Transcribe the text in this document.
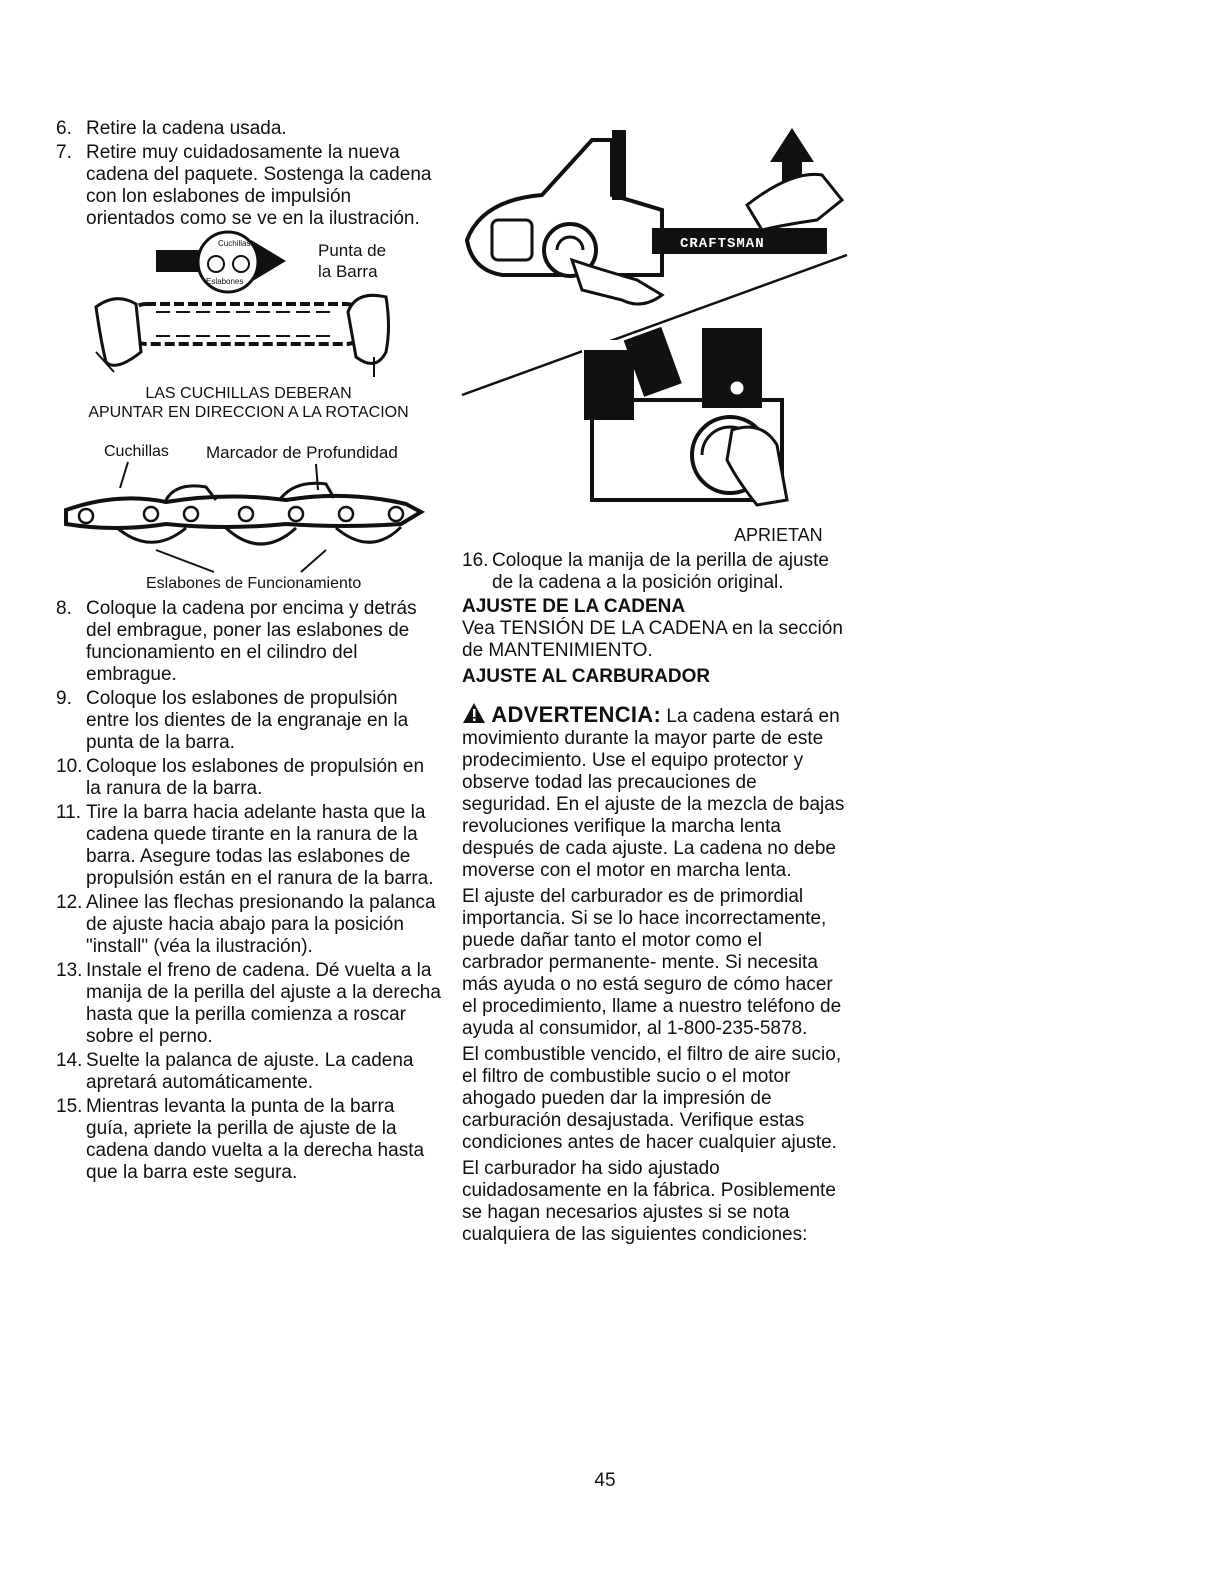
6. Retire la cadena usada.
7. Retire muy cuidadosamente la nueva cadena del paquete. Sostenga la cadena con lon eslabones de impulsión orientados como se ve en la ilustración.
Cuchillas
Eslabones
Punta de
la Barra
LAS CUCHILLAS DEBERAN
APUNTAR EN DIRECCION A LA ROTACION
Cuchillas Marcador de Profundidad
Eslabones de Funcionamiento
8. Coloque la cadena por encima y detrás del embrague, poner las eslabones de funcionamiento en el cilindro del embrague.
9. Coloque los eslabones de propulsión entre los dientes de la engranaje en la punta de la barra.
10. Coloque los eslabones de propulsión en la ranura de la barra.
11. Tire la barra hacia adelante hasta que la cadena quede tirante en la ranura de la barra. Asegure todas las eslabones de propulsión están en el ranura de la barra.
12. Alinee las flechas presionando la palanca de ajuste hacia abajo para la posición "install" (véa la ilustración).
13. Instale el freno de cadena. Dé vuelta a la manija de la perilla del ajuste a la derecha hasta que la perilla comienza a roscar sobre el perno.
14. Suelte la palanca de ajuste. La cadena apretará automáticamente.
15. Mientras levanta la punta de la barra guía, apriete la perilla de ajuste de la cadena dando vuelta a la derecha hasta que la barra este segura.
CRAFTSMAN
APRIETAN
16. Coloque la manija de la perilla de ajuste de la cadena a la posición original.
AJUSTE DE LA CADENA
Vea TENSIÓN DE LA CADENA en la sección de MANTENIMIENTO.
AJUSTE AL CARBURADOR
ADVERTENCIA: La cadena estará en movimiento durante la mayor parte de este prodecimiento. Use el equipo protector y observe todad las precauciones de seguridad. En el ajuste de la mezcla de bajas revoluciones verifique la marcha lenta después de cada ajuste. La cadena no debe moverse con el motor en marcha lenta.
El ajuste del carburador es de primordial importancia. Si se lo hace incorrectamente, puede dañar tanto el motor como el carbrador permanente- mente. Si necesita más ayuda o no está seguro de cómo hacer el procedimiento, llame a nuestro teléfono de ayuda al consumidor, al 1-800-235-5878.
El combustible vencido, el filtro de aire sucio, el filtro de combustible sucio o el motor ahogado pueden dar la impresión de carburación desajustada. Verifique estas condiciones antes de hacer cualquier ajuste.
El carburador ha sido ajustado cuidadosamente en la fábrica. Posiblemente se hagan necesarios ajustes si se nota cualquiera de las siguientes condiciones:
45
